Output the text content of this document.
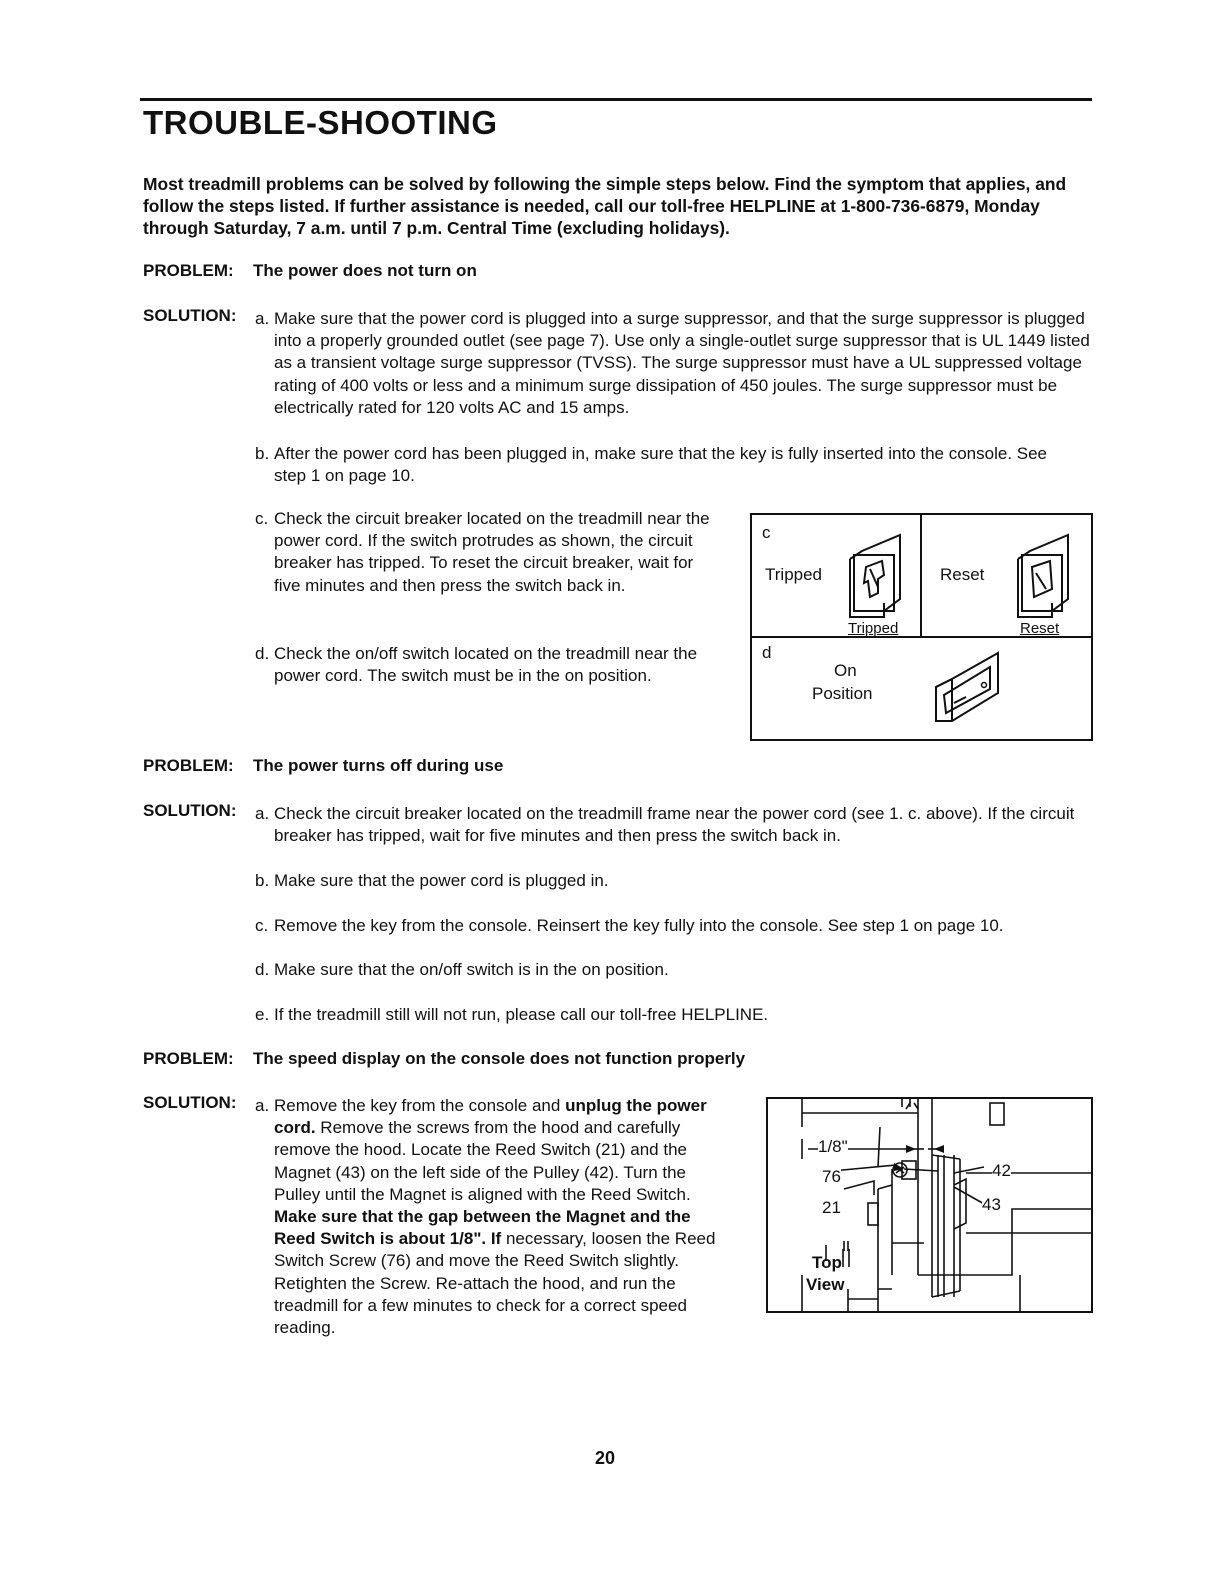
TROUBLE-SHOOTING
Most treadmill problems can be solved by following the simple steps below. Find the symptom that applies, and follow the steps listed. If further assistance is needed, call our toll-free HELPLINE at 1-800-736-6879, Monday through Saturday, 7 a.m. until 7 p.m. Central Time (excluding holidays).
PROBLEM: The power does not turn on
SOLUTION: a. Make sure that the power cord is plugged into a surge suppressor, and that the surge suppressor is plugged into a properly grounded outlet (see page 7). Use only a single-outlet surge suppressor that is UL 1449 listed as a transient voltage surge suppressor (TVSS). The surge suppressor must have a UL suppressed voltage rating of 400 volts or less and a minimum surge dissipation of 450 joules. The surge suppressor must be electrically rated for 120 volts AC and 15 amps.
b. After the power cord has been plugged in, make sure that the key is fully inserted into the console. See step 1 on page 10.
c. Check the circuit breaker located on the treadmill near the power cord. If the switch protrudes as shown, the circuit breaker has tripped. To reset the circuit breaker, wait for five minutes and then press the switch back in.
d. Check the on/off switch located on the treadmill near the power cord. The switch must be in the on position.
c
Tripped
Tripped
Reset
Reset
d
On
Position
PROBLEM: The power turns off during use
SOLUTION: a. Check the circuit breaker located on the treadmill frame near the power cord (see 1. c. above). If the circuit breaker has tripped, wait for five minutes and then press the switch back in.
b. Make sure that the power cord is plugged in.
c. Remove the key from the console. Reinsert the key fully into the console. See step 1 on page 10.
d. Make sure that the on/off switch is in the on position.
e. If the treadmill still will not run, please call our toll-free HELPLINE.
PROBLEM: The speed display on the console does not function properly
SOLUTION: a. Remove the key from the console and unplug the power cord. Remove the screws from the hood and carefully remove the hood. Locate the Reed Switch (21) and the Magnet (43) on the left side of the Pulley (42). Turn the Pulley until the Magnet is aligned with the Reed Switch. Make sure that the gap between the Magnet and the Reed Switch is about 1/8". If necessary, loosen the Reed Switch Screw (76) and move the Reed Switch slightly. Retighten the Screw. Re-attach the hood, and run the treadmill for a few minutes to check for a correct speed reading.
1/8"
76
21
42
43
Top
View
20
